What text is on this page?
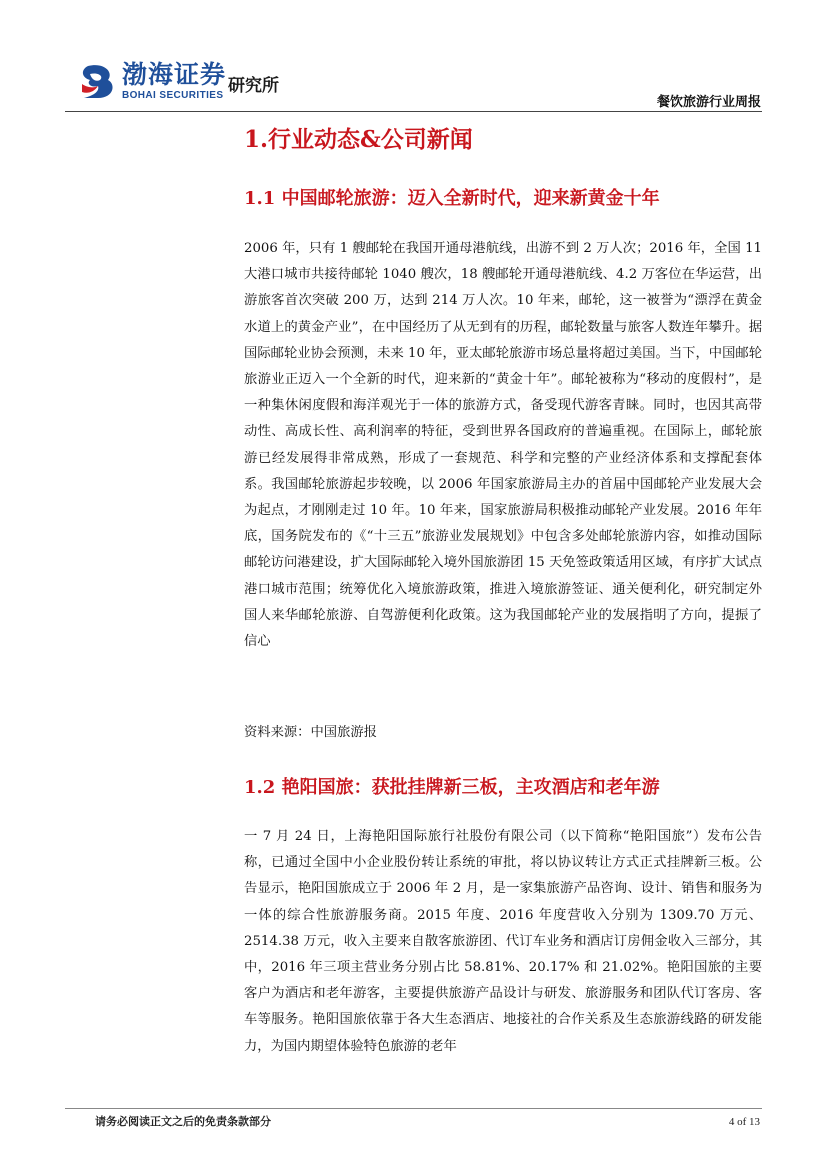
渤海证券
BOHAI SECURITIES 研究所
餐饮旅游行业周报
1.行业动态&公司新闻
1.1 中国邮轮旅游：迈入全新时代，迎来新黄金十年
2006 年，只有 1 艘邮轮在我国开通母港航线，出游不到 2 万人次；2016 年，全国 11 大港口城市共接待邮轮 1040 艘次，18 艘邮轮开通母港航线、4.2 万客位在华运营，出游旅客首次突破 200 万，达到 214 万人次。10 年来，邮轮，这一被誉为“漂浮在黄金水道上的黄金产业”，在中国经历了从无到有的历程，邮轮数量与旅客人数连年攀升。据国际邮轮业协会预测，未来 10 年，亚太邮轮旅游市场总量将超过美国。当下，中国邮轮旅游业正迈入一个全新的时代，迎来新的“黄金十年”。邮轮被称为“移动的度假村”，是一种集休闲度假和海洋观光于一体的旅游方式，备受现代游客青睐。同时，也因其高带动性、高成长性、高利润率的特征，受到世界各国政府的普遍重视。在国际上，邮轮旅游已经发展得非常成熟，形成了一套规范、科学和完整的产业经济体系和支撑配套体系。我国邮轮旅游起步较晚，以 2006 年国家旅游局主办的首届中国邮轮产业发展大会为起点，才刚刚走过 10 年。10 年来，国家旅游局积极推动邮轮产业发展。2016 年年底，国务院发布的《“十三五”旅游业发展规划》中包含多处邮轮旅游内容，如推动国际邮轮访问港建设，扩大国际邮轮入境外国旅游团 15 天免签政策适用区域，有序扩大试点港口城市范围；统筹优化入境旅游政策，推进入境旅游签证、通关便利化，研究制定外国人来华邮轮旅游、自驾游便利化政策。这为我国邮轮产业的发展指明了方向，提振了信心
资料来源：中国旅游报
1.2 艳阳国旅：获批挂牌新三板，主攻酒店和老年游
一 7 月 24 日，上海艳阳国际旅行社股份有限公司（以下简称“艳阳国旅”）发布公告称，已通过全国中小企业股份转让系统的审批，将以协议转让方式正式挂牌新三板。公告显示，艳阳国旅成立于 2006 年 2 月，是一家集旅游产品咨询、设计、销售和服务为一体的综合性旅游服务商。2015 年度、2016 年度营收入分别为 1309.70 万元、2514.38 万元，收入主要来自散客旅游团、代订车业务和酒店订房佣金收入三部分，其中，2016 年三项主营业务分别占比 58.81%、20.17% 和 21.02%。艳阳国旅的主要客户为酒店和老年游客，主要提供旅游产品设计与研发、旅游服务和团队代订客房、客车等服务。艳阳国旅依靠于各大生态酒店、地接社的合作关系及生态旅游线路的研发能力，为国内期望体验特色旅游的老年
请务必阅读正文之后的免责条款部分	4 of 13
